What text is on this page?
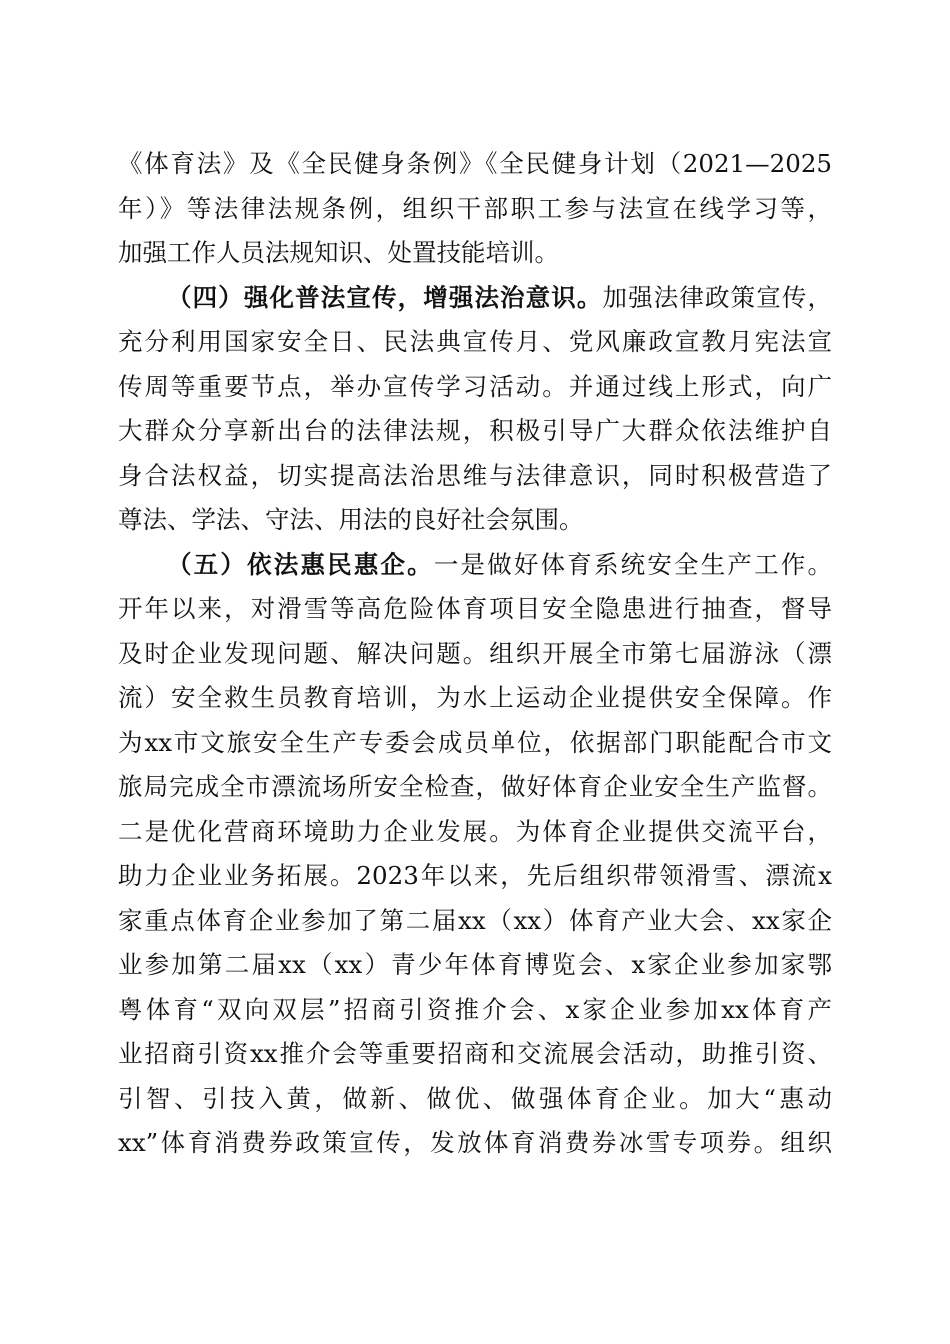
《体育法》及《全民健身条例》《全民健身计划（2021—2025
年）》等法律法规条例，组织干部职工参与法宣在线学习等，
加强工作人员法规知识、处置技能培训。
（四）强化普法宣传，增强法治意识。加强法律政策宣传，
充分利用国家安全日、民法典宣传月、党风廉政宣教月宪法宣
传周等重要节点，举办宣传学习活动。并通过线上形式，向广
大群众分享新出台的法律法规，积极引导广大群众依法维护自
身合法权益，切实提高法治思维与法律意识，同时积极营造了
尊法、学法、守法、用法的良好社会氛围。
（五）依法惠民惠企。一是做好体育系统安全生产工作。
开年以来，对滑雪等高危险体育项目安全隐患进行抽查，督导
及时企业发现问题、解决问题。组织开展全市第七届游泳（漂
流）安全救生员教育培训，为水上运动企业提供安全保障。作
为xx市文旅安全生产专委会成员单位，依据部门职能配合市文
旅局完成全市漂流场所安全检查，做好体育企业安全生产监督。
二是优化营商环境助力企业发展。为体育企业提供交流平台，
助力企业业务拓展。2023年以来，先后组织带领滑雪、漂流x
家重点体育企业参加了第二届xx（xx）体育产业大会、xx家企
业参加第二届xx（xx）青少年体育博览会、x家企业参加家鄂
粤体育“双向双层”招商引资推介会、x家企业参加xx体育产
业招商引资xx推介会等重要招商和交流展会活动，助推引资、
引智、引技入黄，做新、做优、做强体育企业。加大“惠动
xx”体育消费券政策宣传，发放体育消费券冰雪专项券。组织
